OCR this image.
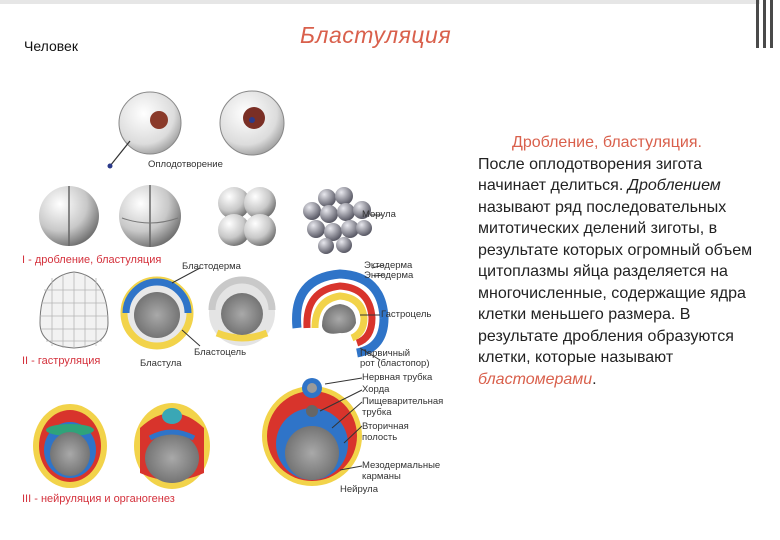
Человек	Бластуляция
Оплодотворение
Морула
I - дробление, бластуляция
Бластодерма	Эктодерма
Энтодерма
Гастроцель
Бластоцель
II - гаструляция	Бластула
Первичный
рот (бластопор)
Нервная трубка
Хорда
Пищеварительная
трубка
Вторичная
полость
Мезодермальные
карманы
Нейрула
III - нейруляция и органогенез
Дробление, бластуляция.
После оплодотворения зигота начинает делиться. Дроблением называют ряд последовательных митотических делений зиготы, в результате которых огромный объем цитоплазмы яйца разделяется на многочисленные, содержащие ядра клетки меньшего размера. В результате дробления образуются клетки, которые называют бластомерами.
